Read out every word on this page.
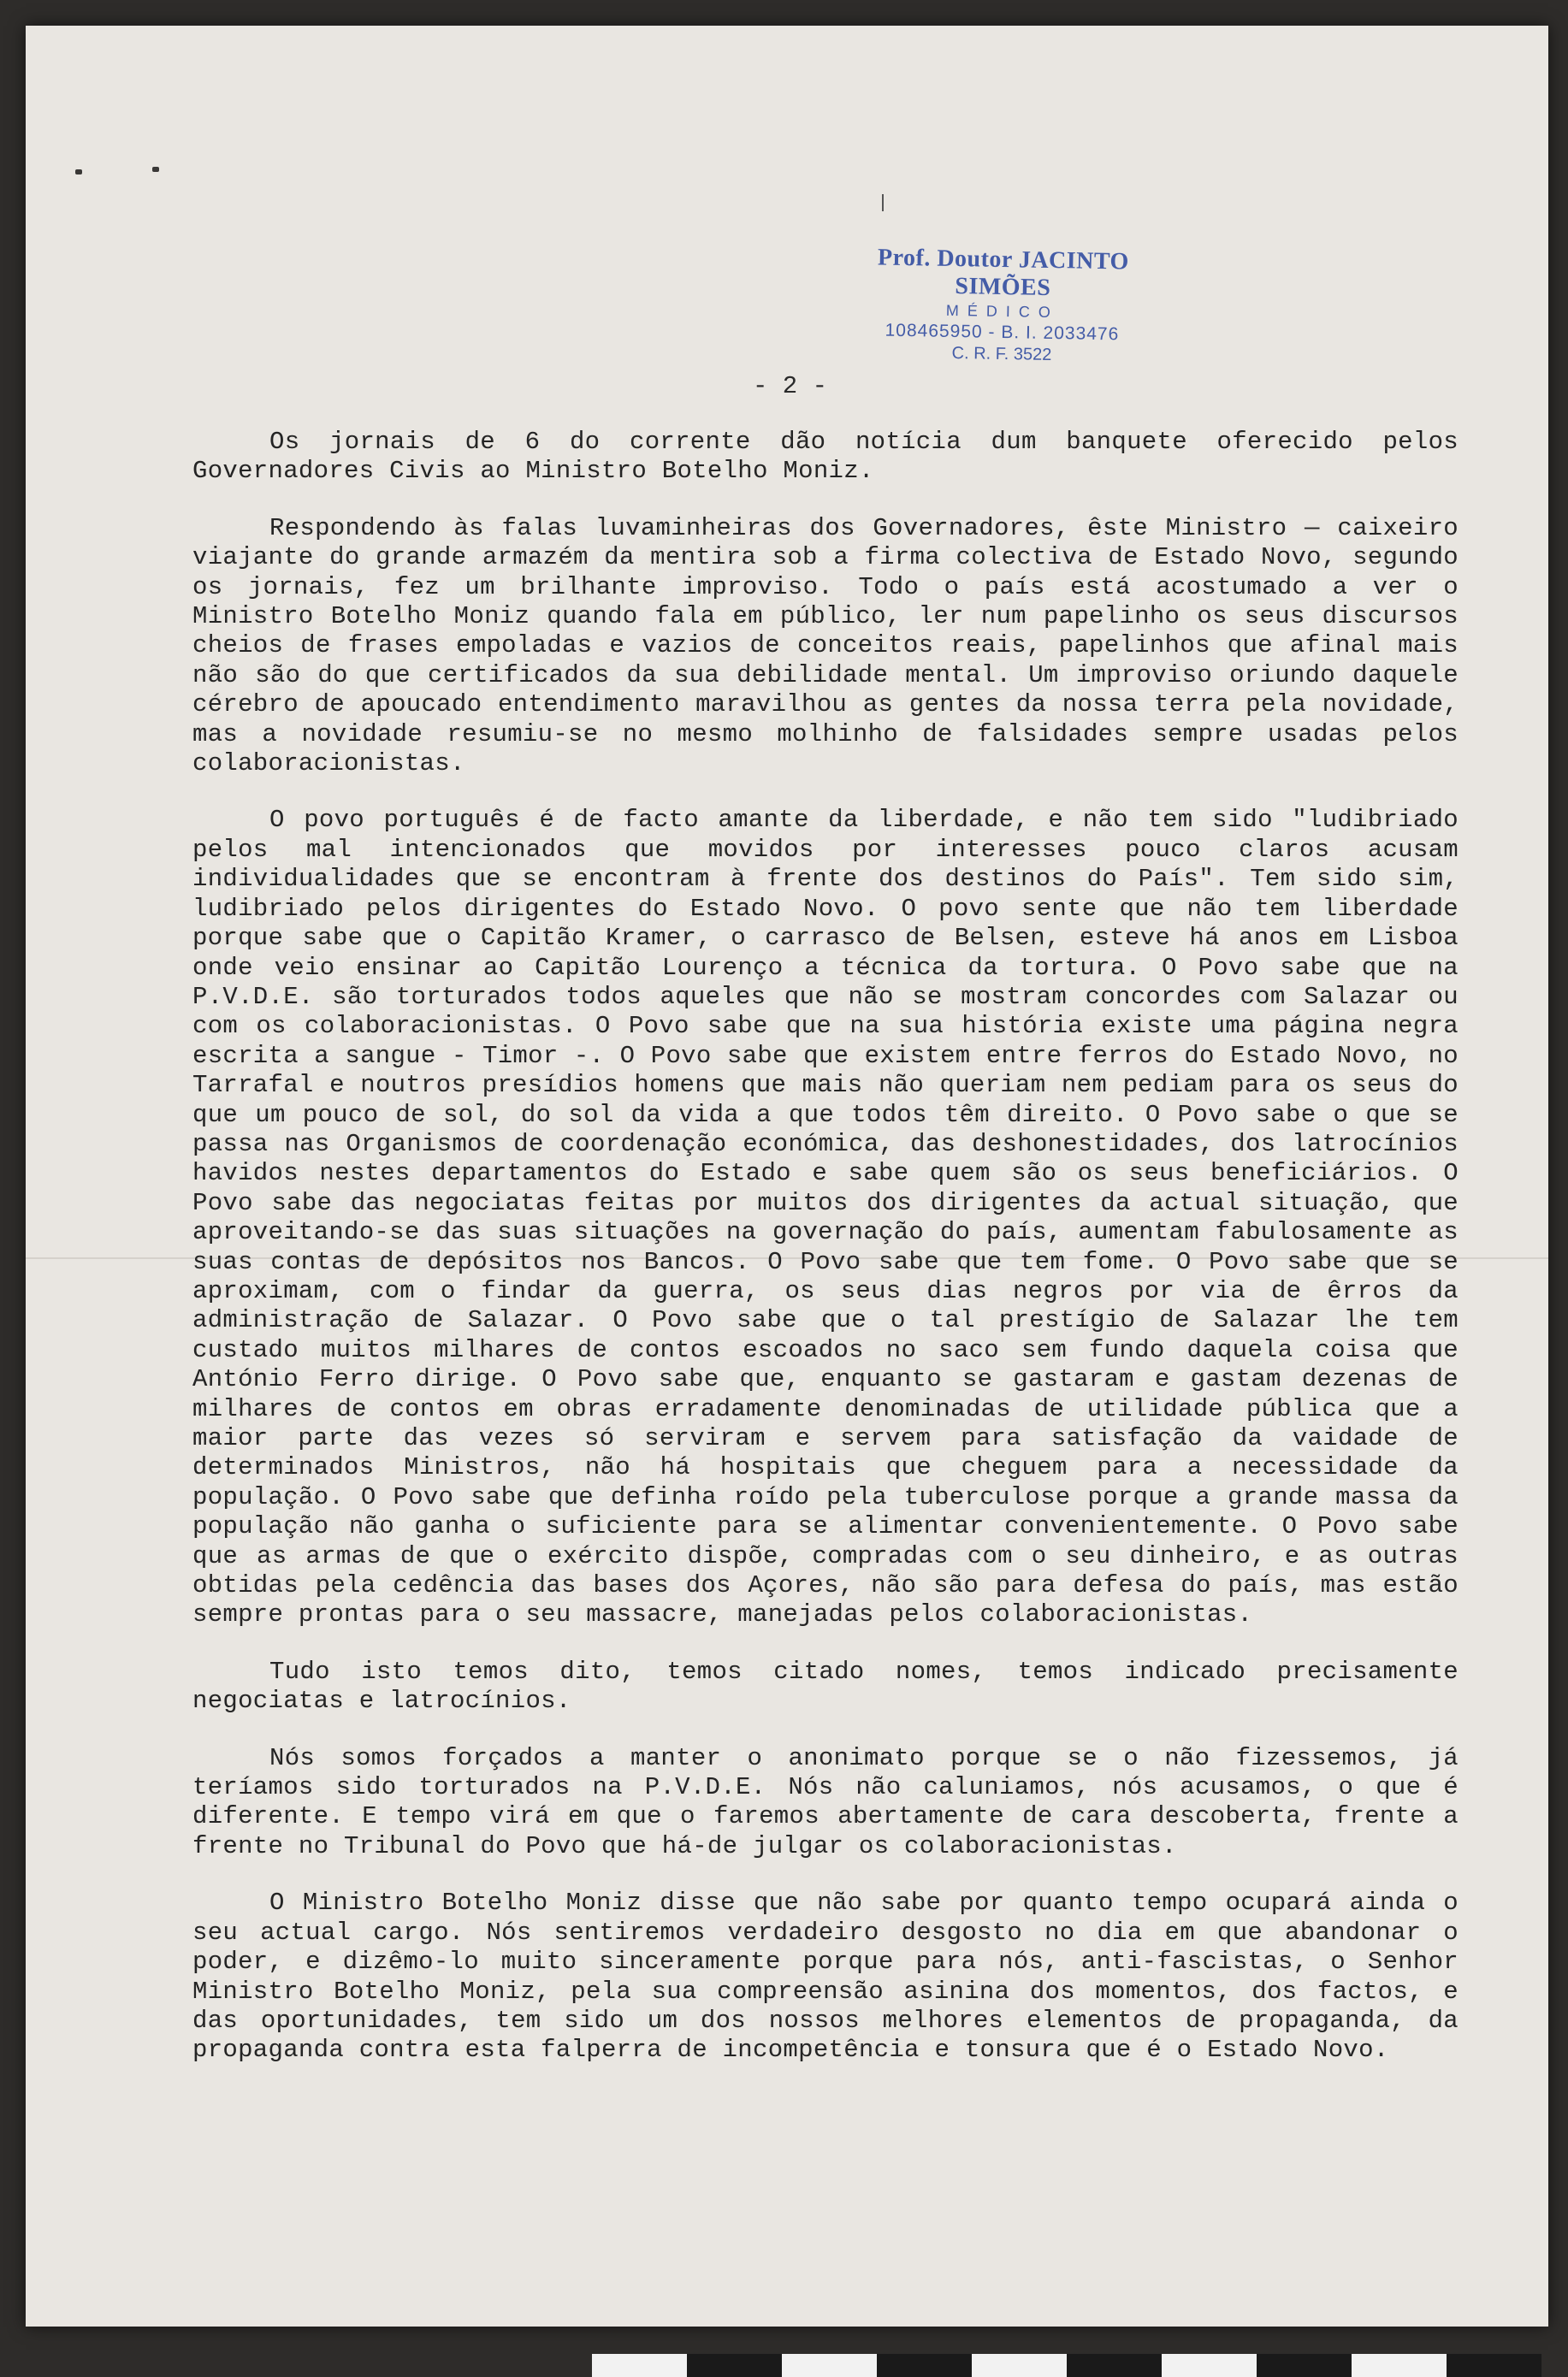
Prof. Doutor JACINTO SIMÕES
MÉDICO
108465950 - B. I. 2033476
C. R. F. 3522
- 2 -

Os jornais de 6 do corrente dão notícia dum banquete oferecido pelos Governadores Civis ao Ministro Botelho Moniz.

Respondendo às falas luvaminheiras dos Governadores, êste Ministro — caixeiro viajante do grande armazém da mentira sob a firma colectiva de Estado Novo, segundo os jornais, fez um brilhante improviso. Todo o país está acostumado a ver o Ministro Botelho Moniz quando fala em público, ler num papelinho os seus discursos cheios de frases empoladas e vazios de conceitos reais, papelinhos que afinal mais não são do que certificados da sua debilidade mental. Um improviso oriundo daquele cérebro de apoucado entendimento maravilhou as gentes da nossa terra pela novidade, mas a novidade resumiu-se no mesmo molhinho de falsidades sempre usadas pelos colaboracionistas.

O povo português é de facto amante da liberdade, e não tem sido "ludibriado pelos mal intencionados que movidos por interesses pouco claros acusam individualidades que se encontram à frente dos destinos do País". Tem sido sim, ludibriado pelos dirigentes do Estado Novo. O povo sente que não tem liberdade porque sabe que o Capitão Kramer, o carrasco de Belsen, esteve há anos em Lisboa onde veio ensinar ao Capitão Lourenço a técnica da tortura. O Povo sabe que na P.V.D.E. são torturados todos aqueles que não se mostram concordes com Salazar ou com os colaboracionistas. O Povo sabe que na sua história existe uma página negra escrita a sangue - Timor -. O Povo sabe que existem entre ferros do Estado Novo, no Tarrafal e noutros presídios homens que mais não queriam nem pediam para os seus do que um pouco de sol, do sol da vida a que todos têm direito. O Povo sabe o que se passa nas Organismos de coordenação económica, das deshonestidades, dos latrocínios havidos nestes departamentos do Estado e sabe quem são os seus beneficiários. O Povo sabe das negociatas feitas por muitos dos dirigentes da actual situação, que aproveitando-se das suas situações na governação do país, aumentam fabulosamente as suas contas de depósitos nos Bancos. O Povo sabe que tem fome. O Povo sabe que se aproximam, com o findar da guerra, os seus dias negros por via de êrros da administração de Salazar. O Povo sabe que o tal prestígio de Salazar lhe tem custado muitos milhares de contos escoados no saco sem fundo daquela coisa que António Ferro dirige. O Povo sabe que, enquanto se gastaram e gastam dezenas de milhares de contos em obras erradamente denominadas de utilidade pública que a maior parte das vezes só serviram e servem para satisfação da vaidade de determinados Ministros, não há hospitais que cheguem para a necessidade da população. O Povo sabe que definha roído pela tuberculose porque a grande massa da população não ganha o suficiente para se alimentar convenientemente. O Povo sabe que as armas de que o exército dispõe, compradas com o seu dinheiro, e as outras obtidas pela cedência das bases dos Açores, não são para defesa do país, mas estão sempre prontas para o seu massacre, manejadas pelos colaboracionistas.

Tudo isto temos dito, temos citado nomes, temos indicado precisamente negociatas e latrocínios.

Nós somos forçados a manter o anonimato porque se o não fizessemos, já teríamos sido torturados na P.V.D.E. Nós não caluniamos, nós acusamos, o que é diferente. E tempo virá em que o faremos abertamente de cara descoberta, frente a frente no Tribunal do Povo que há-de julgar os colaboracionistas.

O Ministro Botelho Moniz disse que não sabe por quanto tempo ocupará ainda o seu actual cargo. Nós sentiremos verdadeiro desgosto no dia em que abandonar o poder, e dizêmo-lo muito sinceramente porque para nós, anti-fascistas, o Senhor Ministro Botelho Moniz, pela sua compreensão asinina dos momentos, dos factos, e das oportunidades, tem sido um dos nossos melhores elementos de propaganda, da propaganda contra esta falperra de incompetência e tonsura que é o Estado Novo.
